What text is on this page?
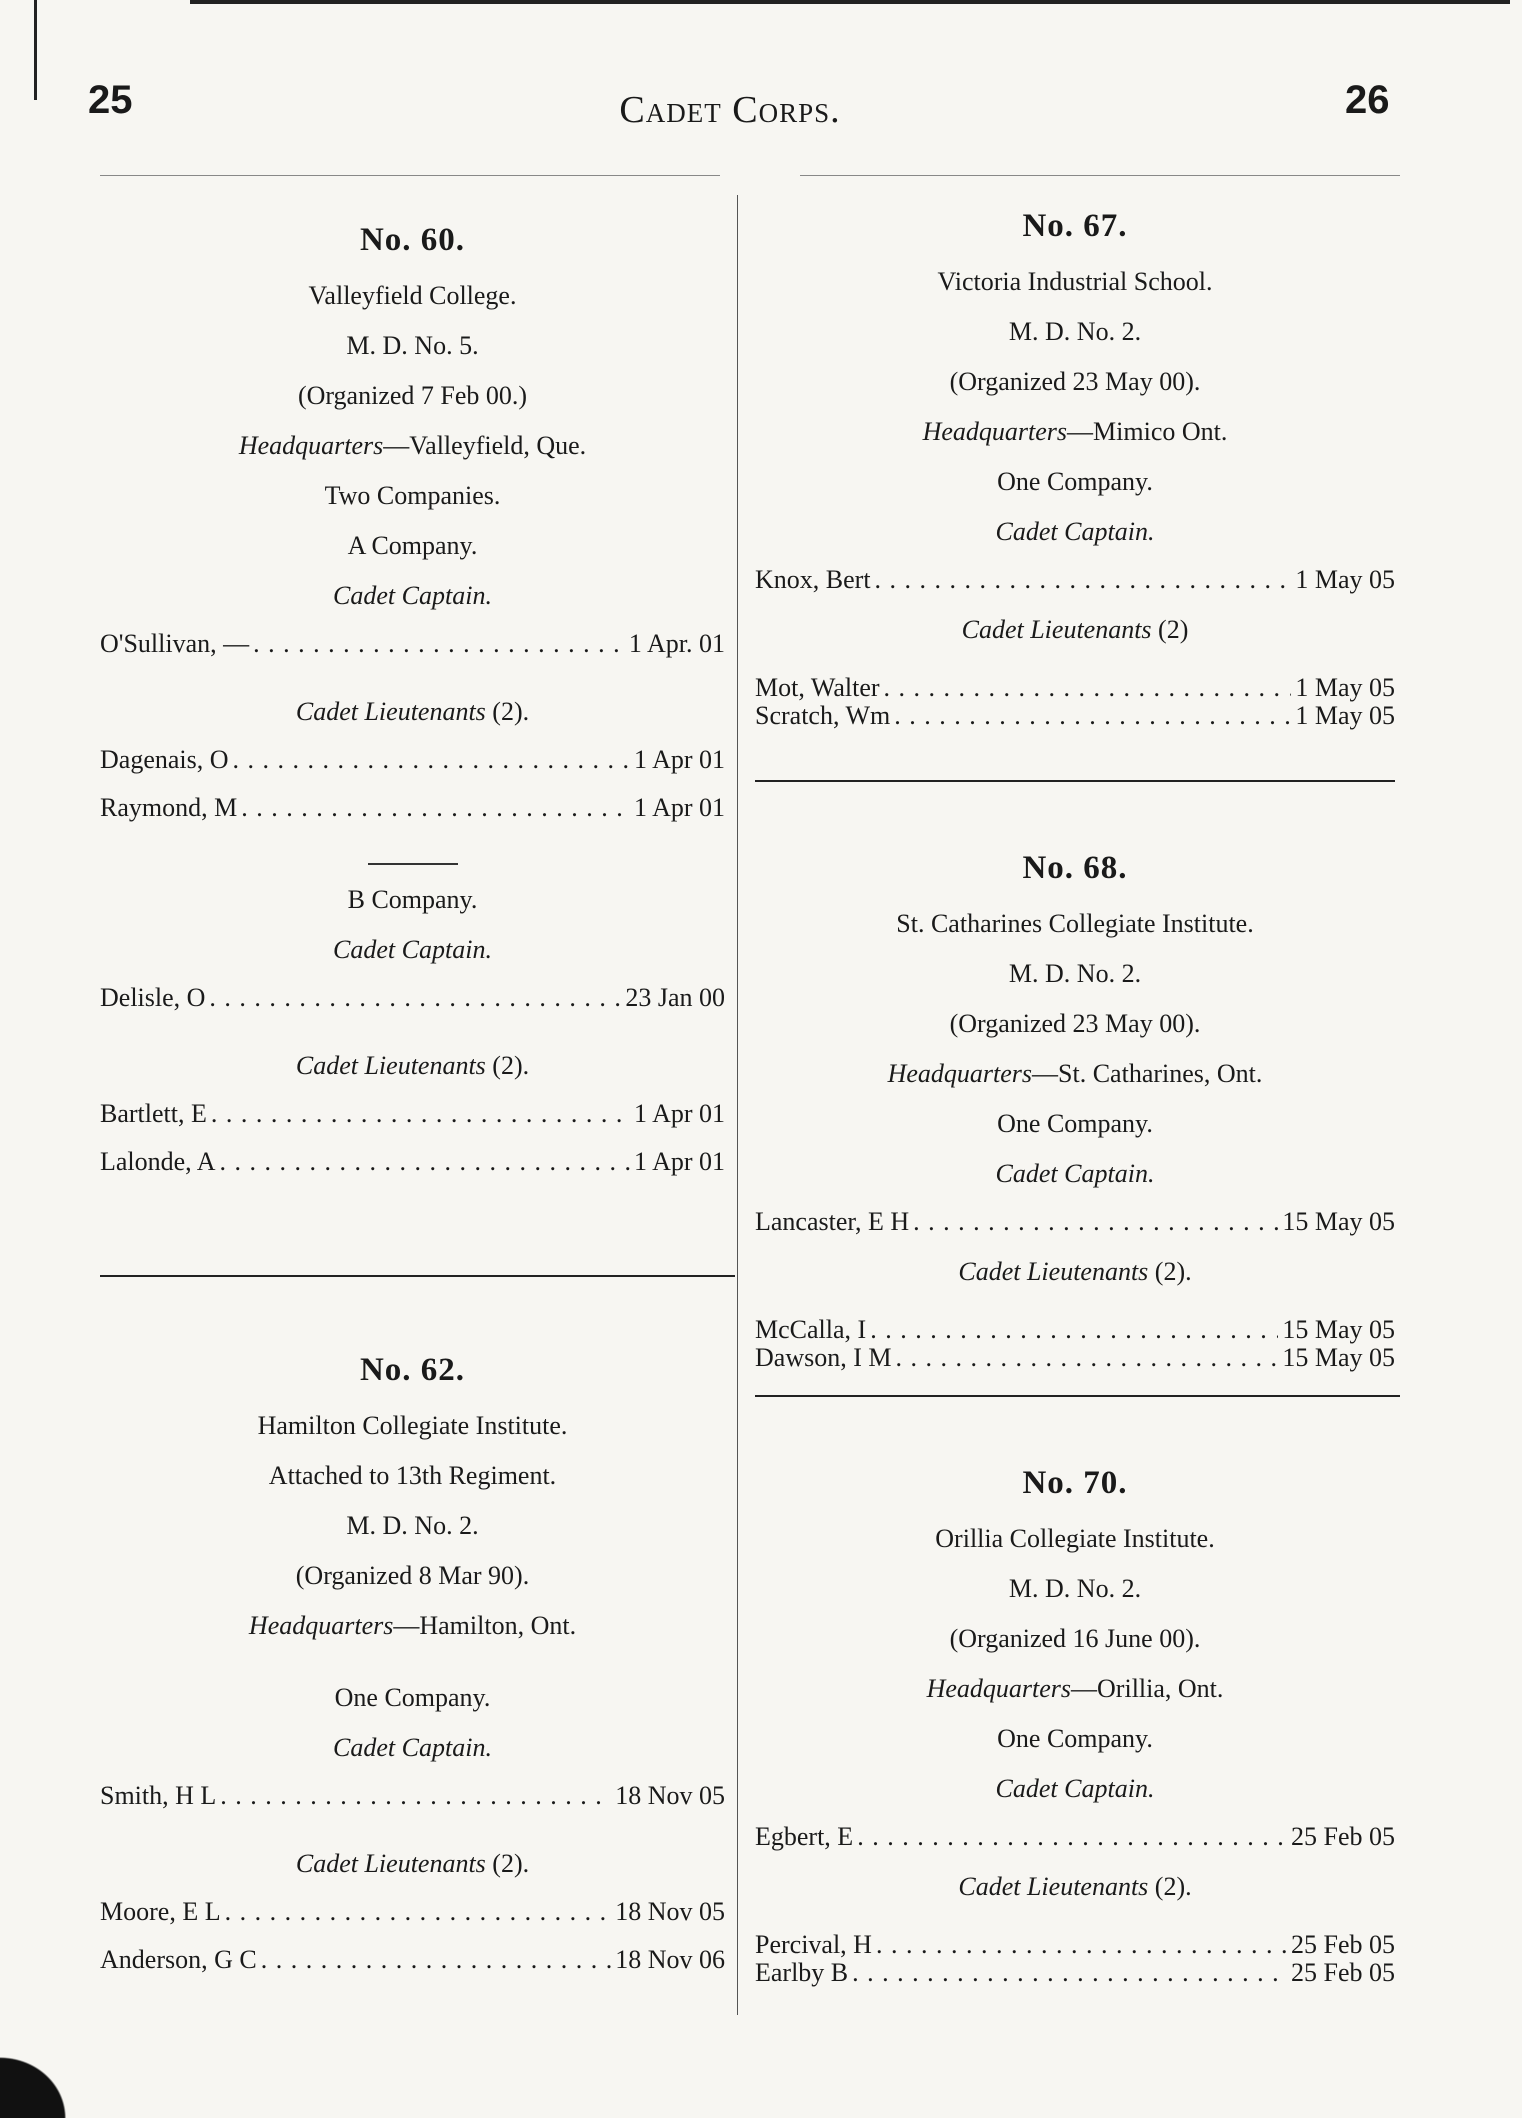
25	Cadet Corps.	26
No. 60.
Valleyfield College.
M. D. No. 5.
(Organized 7 Feb 00.)
Headquarters—Valleyfield, Que.
Two Companies.
A Company.
Cadet Captain.
O'Sullivan, — . . .	1 Apr. 01
Cadet Lieutenants (2).
Dagenais, O . . .	1 Apr 01
Raymond, M . . .	1 Apr 01
B Company.
Cadet Captain.
Delisle, O . . .	23 Jan 00
Cadet Lieutenants (2).
Bartlett, E . . .	1 Apr 01
Lalonde, A . . .	1 Apr 01
No. 62.
Hamilton Collegiate Institute.
Attached to 13th Regiment.
M. D. No. 2.
(Organized 8 Mar 90).
Headquarters—Hamilton, Ont.
One Company.
Cadet Captain.
Smith, H L . . .	18 Nov 05
Cadet Lieutenants (2).
Moore, E L . . .	18 Nov 05
Anderson, G C . . .	18 Nov 06
No. 67.
Victoria Industrial School.
M. D. No. 2.
(Organized 23 May 00).
Headquarters—Mimico Ont.
One Company.
Cadet Captain.
Knox, Bert . . .	1 May 05
Cadet Lieutenants (2)
Mot, Walter . . .	1 May 05
Scratch, Wm . . .	1 May 05
No. 68.
St. Catharines Collegiate Institute.
M. D. No. 2.
(Organized 23 May 00).
Headquarters—St. Catharines, Ont.
One Company.
Cadet Captain.
Lancaster, E H . . .	15 May 05
Cadet Lieutenants (2).
McCalla, I . . .	15 May 05
Dawson, I M . . .	15 May 05
No. 70.
Orillia Collegiate Institute.
M. D. No. 2.
(Organized 16 June 00).
Headquarters—Orillia, Ont.
One Company.
Cadet Captain.
Egbert, E . . .	25 Feb 05
Cadet Lieutenants (2).
Percival, H . . .	25 Feb 05
Earlby B . . .	25 Feb 05
